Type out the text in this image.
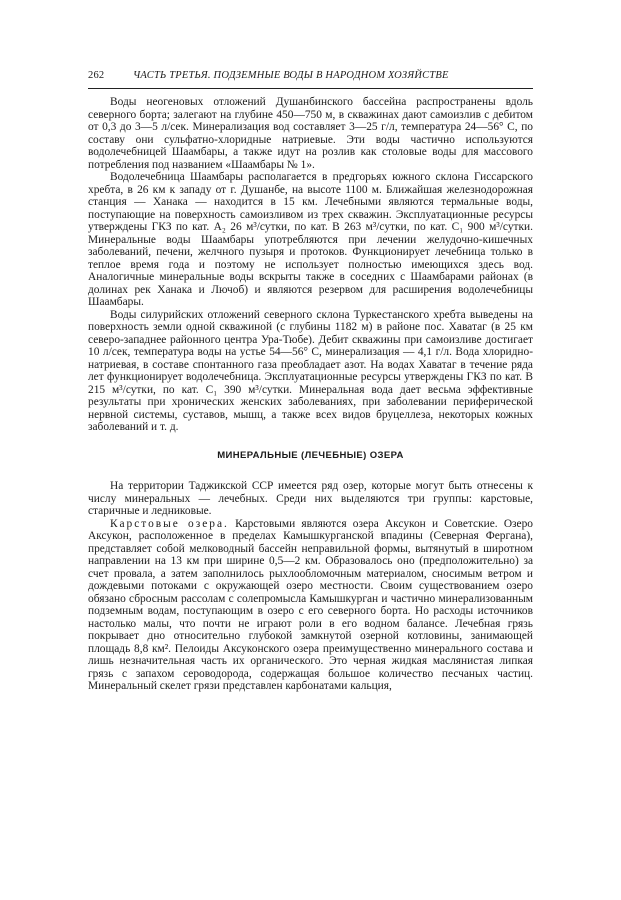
262	ЧАСТЬ ТРЕТЬЯ. ПОДЗЕМНЫЕ ВОДЫ В НАРОДНОМ ХОЗЯЙСТВЕ

Воды неогеновых отложений Душанбинского бассейна распространены вдоль северного борта; залегают на глубине 450—750 м, в скважинах дают самоизлив с дебитом от 0,3 до 3—5 л/сек. Минерализация вод составляет 3—25 г/л, температура 24—56° С, по составу они сульфатно-хлоридные натриевые. Эти воды частично используются водолечебницей Шаамбары, а также идут на розлив как столовые воды для массового потребления под названием «Шаамбары № 1».

Водолечебница Шаамбары располагается в предгорьях южного склона Гиссарского хребта, в 26 км к западу от г. Душанбе, на высоте 1100 м. Ближайшая железнодорожная станция — Ханака — находится в 15 км. Лечебными являются термальные воды, поступающие на поверхность самоизливом из трех скважин. Эксплуатационные ресурсы утверждены ГКЗ по кат. A₂ 26 м³/сутки, по кат. B 263 м³/сутки, по кат. C₁ 900 м³/сутки. Минеральные воды Шаамбары употребляются при лечении желудочно-кишечных заболеваний, печени, желчного пузыря и протоков. Функционирует лечебница только в теплое время года и поэтому не использует полностью имеющихся здесь вод. Аналогичные минеральные воды вскрыты также в соседних с Шаамбарами районах (в долинах рек Ханака и Лючоб) и являются резервом для расширения водолечебницы Шаамбары.

Воды силурийских отложений северного склона Туркестанского хребта выведены на поверхность земли одной скважиной (с глубины 1182 м) в районе пос. Хаватаг (в 25 км северо-западнее районного центра Ура-Тюбе). Дебит скважины при самоизливе достигает 10 л/сек, температура воды на устье 54—56° С, минерализация — 4,1 г/л. Вода хлоридно-натриевая, в составе спонтанного газа преобладает азот. На водах Хаватаг в течение ряда лет функционирует водолечебница. Эксплуатационные ресурсы утверждены ГКЗ по кат. B 215 м³/сутки, по кат. C₁ 390 м³/сутки. Минеральная вода дает весьма эффективные результаты при хронических женских заболеваниях, при заболевании периферической нервной системы, суставов, мышц, а также всех видов бруцеллеза, некоторых кожных заболеваний и т. д.

МИНЕРАЛЬНЫЕ (ЛЕЧЕБНЫЕ) ОЗЕРА

На территории Таджикской ССР имеется ряд озер, которые могут быть отнесены к числу минеральных — лечебных. Среди них выделяются три группы: карстовые, старичные и ледниковые.

Карстовые озера. Карстовыми являются озера Аксукон и Советские. Озеро Аксукон, расположенное в пределах Камышкурганской впадины (Северная Фергана), представляет собой мелководный бассейн неправильной формы, вытянутый в широтном направлении на 13 км при ширине 0,5—2 км. Образовалось оно (предположительно) за счет провала, а затем заполнилось рыхлообломочным материалом, сносимым ветром и дождевыми потоками с окружающей озеро местности. Своим существованием озеро обязано сбросным рассолам с солепромысла Камышкурган и частично минерализованным подземным водам, поступающим в озеро с его северного борта. Но расходы источников настолько малы, что почти не играют роли в его водном балансе. Лечебная грязь покрывает дно относительно глубокой замкнутой озерной котловины, занимающей площадь 8,8 км². Пелоиды Аксуконского озера преимущественно минерального состава и лишь незначительная часть их органического. Это черная жидкая маслянистая липкая грязь с запахом сероводорода, содержащая большое количество песчаных частиц. Минеральный скелет грязи представлен карбонатами кальция,
